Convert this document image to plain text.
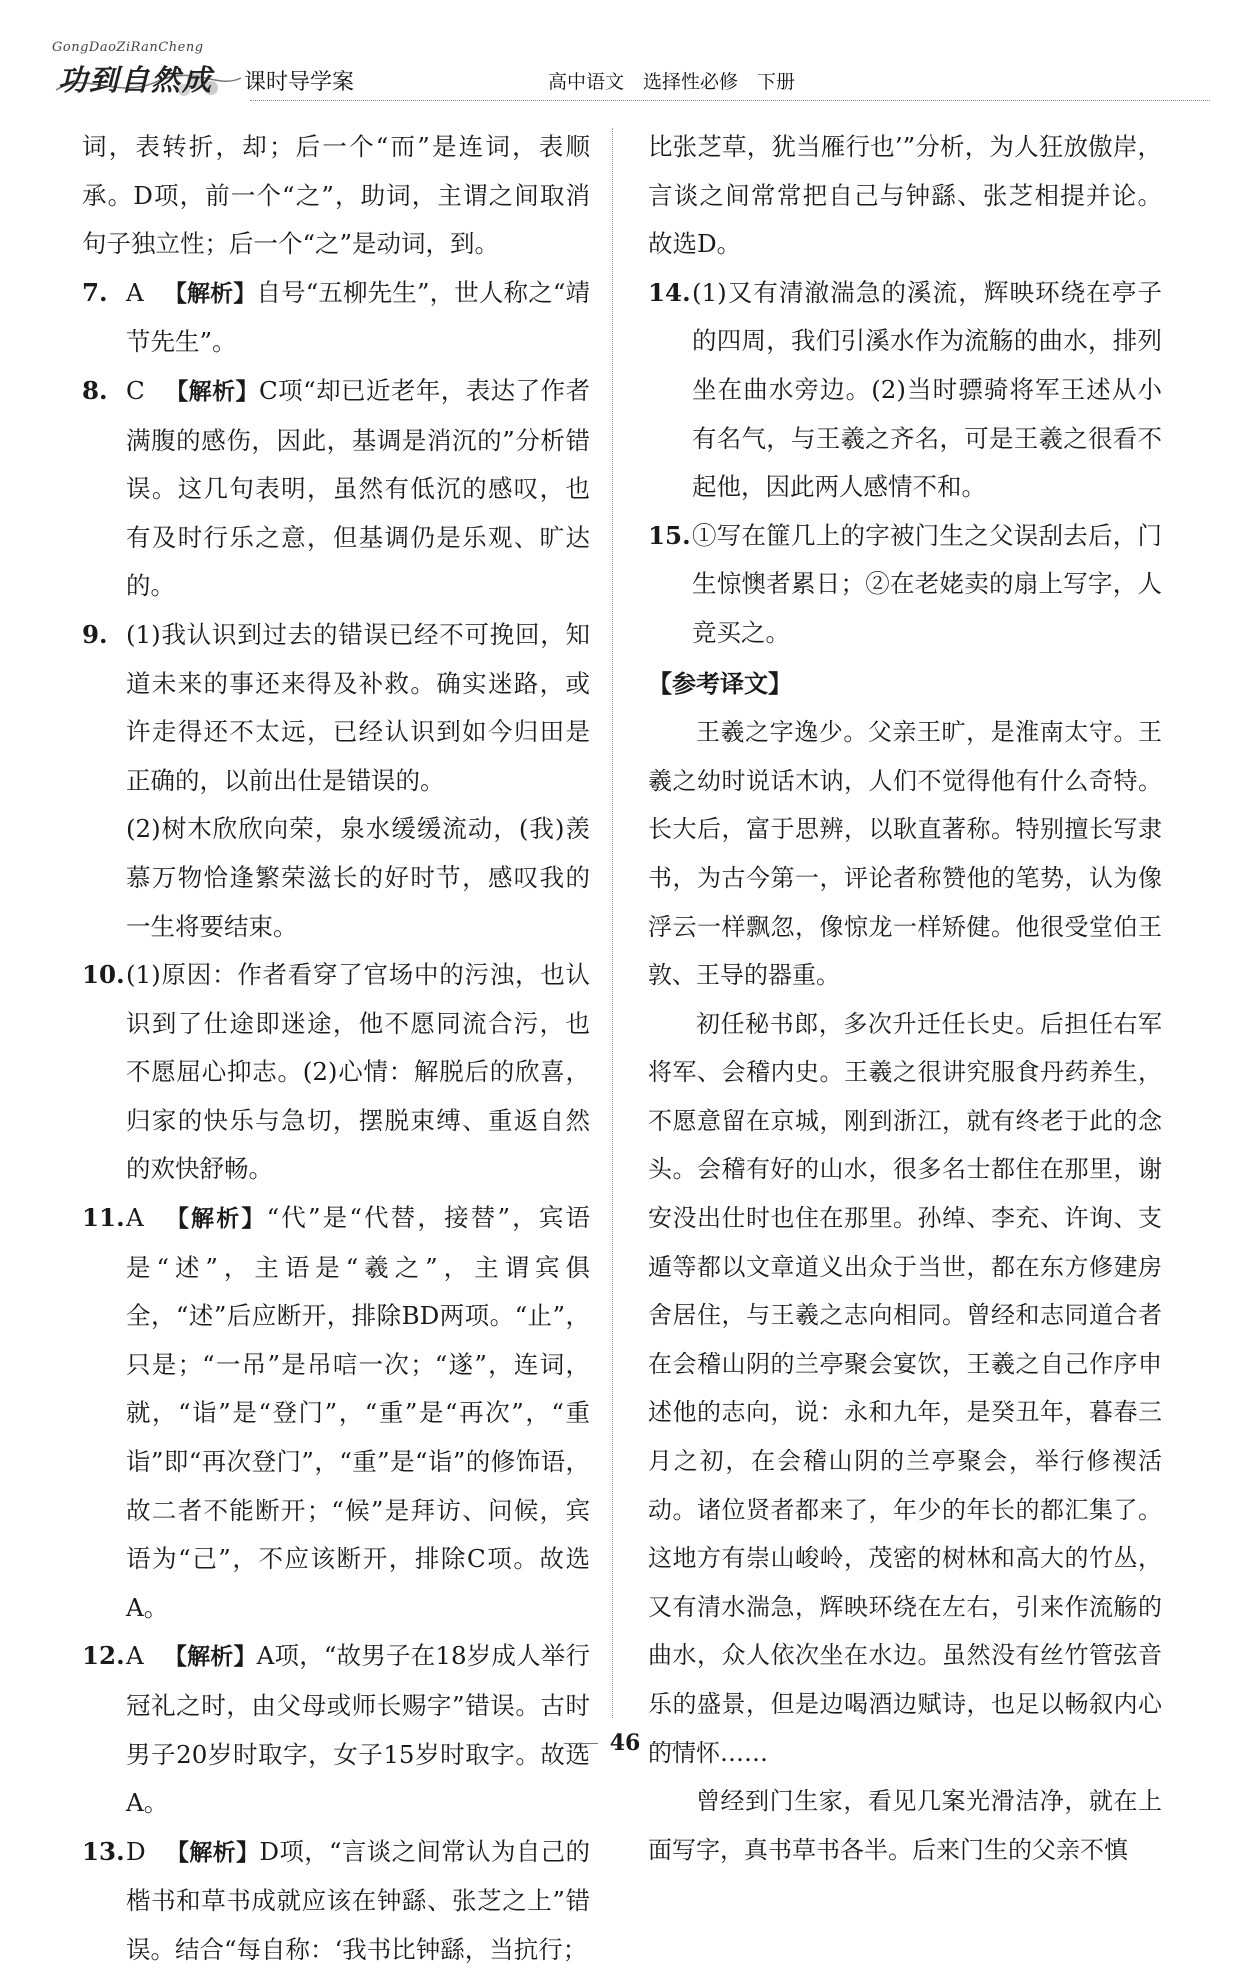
GongDaoZiRanCheng
功到自然成 课时导学案	高中语文　选择性必修　下册
词，表转折，却；后一个“而”是连词，表顺承。D项，前一个“之”，助词，主谓之间取消句子独立性；后一个“之”是动词，到。
7. A 【解析】自号“五柳先生”，世人称之“靖节先生”。
8. C 【解析】C项“却已近老年，表达了作者满腹的感伤，因此，基调是消沉的”分析错误。这几句表明，虽然有低沉的感叹，也有及时行乐之意，但基调仍是乐观、旷达的。
9. (1)我认识到过去的错误已经不可挽回，知道未来的事还来得及补救。确实迷路，或许走得还不太远，已经认识到如今归田是正确的，以前出仕是错误的。
(2)树木欣欣向荣，泉水缓缓流动，(我)羡慕万物恰逢繁荣滋长的好时节，感叹我的一生将要结束。
10. (1)原因：作者看穿了官场中的污浊，也认识到了仕途即迷途，他不愿同流合污，也不愿屈心抑志。(2)心情：解脱后的欣喜，归家的快乐与急切，摆脱束缚、重返自然的欢快舒畅。
11. A 【解析】“代”是“代替，接替”，宾语是“述”，主语是“羲之”，主谓宾俱全，“述”后应断开，排除BD两项。“止”，只是；“一吊”是吊唁一次；“遂”，连词，就，“诣”是“登门”，“重”是“再次”，“重诣”即“再次登门”，“重”是“诣”的修饰语，故二者不能断开；“候”是拜访、问候，宾语为“己”，不应该断开，排除C项。故选A。
12. A 【解析】A项，“故男子在18岁成人举行冠礼之时，由父母或师长赐字”错误。古时男子20岁时取字，女子15岁时取字。故选A。
13. D 【解析】D项，“言谈之间常认为自己的楷书和草书成就应该在钟繇、张芝之上”错误。结合“每自称：‘我书比钟繇，当抗行；
比张芝草，犹当雁行也’”分析，为人狂放傲岸，言谈之间常常把自己与钟繇、张芝相提并论。故选D。
14. (1)又有清澈湍急的溪流，辉映环绕在亭子的四周，我们引溪水作为流觞的曲水，排列坐在曲水旁边。(2)当时骠骑将军王述从小有名气，与王羲之齐名，可是王羲之很看不起他，因此两人感情不和。
15. ①写在篚几上的字被门生之父误刮去后，门生惊懊者累日；②在老姥卖的扇上写字，人竞买之。
【参考译文】
王羲之字逸少。父亲王旷，是淮南太守。王羲之幼时说话木讷，人们不觉得他有什么奇特。长大后，富于思辨，以耿直著称。特别擅长写隶书，为古今第一，评论者称赞他的笔势，认为像浮云一样飘忽，像惊龙一样矫健。他很受堂伯王敦、王导的器重。
初任秘书郎，多次升迁任长史。后担任右军将军、会稽内史。王羲之很讲究服食丹药养生，不愿意留在京城，刚到浙江，就有终老于此的念头。会稽有好的山水，很多名士都住在那里，谢安没出仕时也住在那里。孙绰、李充、许询、支遁等都以文章道义出众于当世，都在东方修建房舍居住，与王羲之志向相同。曾经和志同道合者在会稽山阴的兰亭聚会宴饮，王羲之自己作序申述他的志向，说：永和九年，是癸丑年，暮春三月之初，在会稽山阴的兰亭聚会，举行修禊活动。诸位贤者都来了，年少的年长的都汇集了。这地方有崇山峻岭，茂密的树林和高大的竹丛，又有清水湍急，辉映环绕在左右，引来作流觞的曲水，众人依次坐在水边。虽然没有丝竹管弦音乐的盛景，但是边喝酒边赋诗，也足以畅叙内心的情怀……
曾经到门生家，看见几案光滑洁净，就在上面写字，真书草书各半。后来门生的父亲不慎
46
